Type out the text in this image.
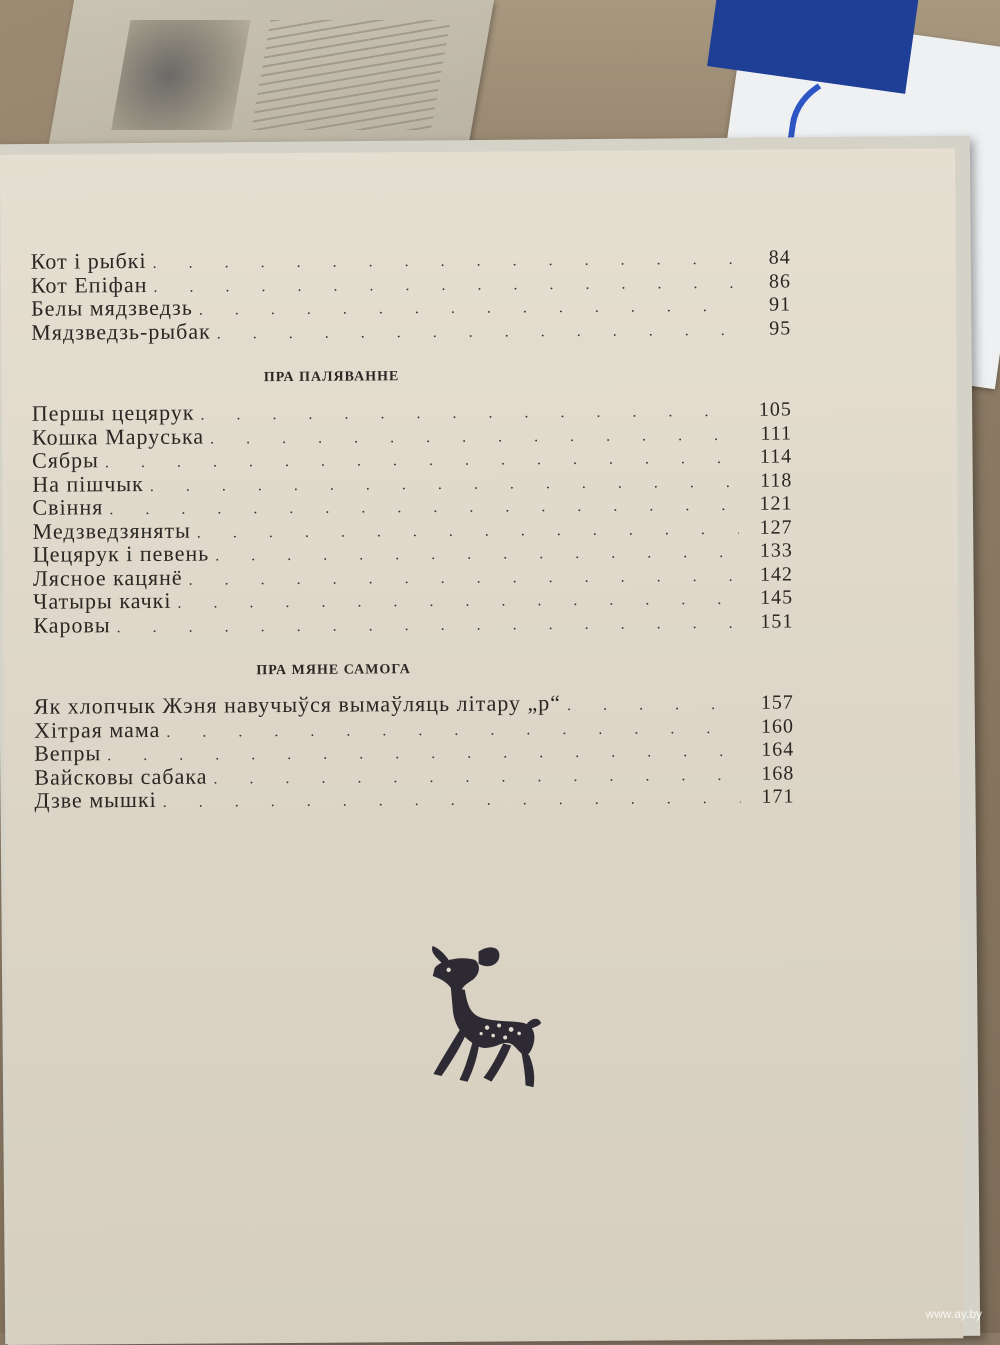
Кот і рыбкі . . .	84
Кот Епіфан . . .	86
Белы мядзведзь . . .	91
Мядзведзь-рыбак . . .	95
ПРА ПАЛЯВАННЕ
Першы цецярук . . .	105
Кошка Маруська . . .	111
Сябры . . .	114
На пішчык . . .	118
Свіння . . .	121
Медзведзяняты . . .	127
Цецярук і певень . . .	133
Лясное кацянё . . .	142
Чатыры качкі . . .	145
Каровы . . .	151
ПРА МЯНЕ САМОГА
Як хлопчык Жэня навучыўся вымаўляць літару „р“ . . .	157
Хітрая мама . . .	160
Вепры . . .	164
Вайсковы сабака . . .	168
Дзве мышкі . . .	171
www.ay.by
